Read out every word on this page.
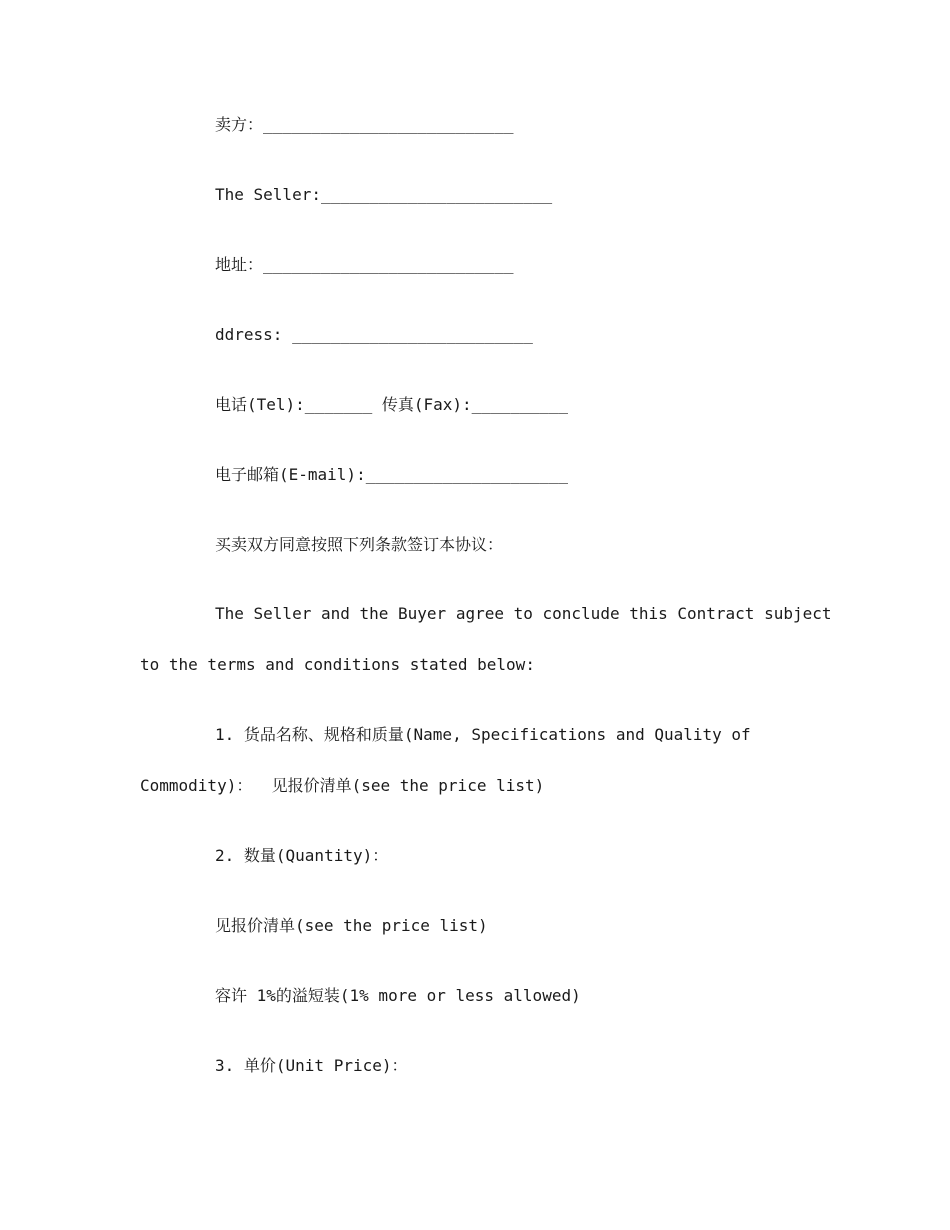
卖方：__________________________
The Seller:________________________
地址：__________________________
ddress: _________________________
电话(Tel):_______ 传真(Fax):__________
电子邮箱(E-mail):_____________________
买卖双方同意按照下列条款签订本协议：
The Seller and the Buyer agree to conclude this Contract subject
to the terms and conditions stated below:
1. 货品名称、规格和质量(Name, Specifications and Quality of
Commodity)：  见报价清单(see the price list)
2. 数量(Quantity)：
见报价清单(see the price list)
容许 1%的溢短装(1% more or less allowed)
3. 单价(Unit Price)：
